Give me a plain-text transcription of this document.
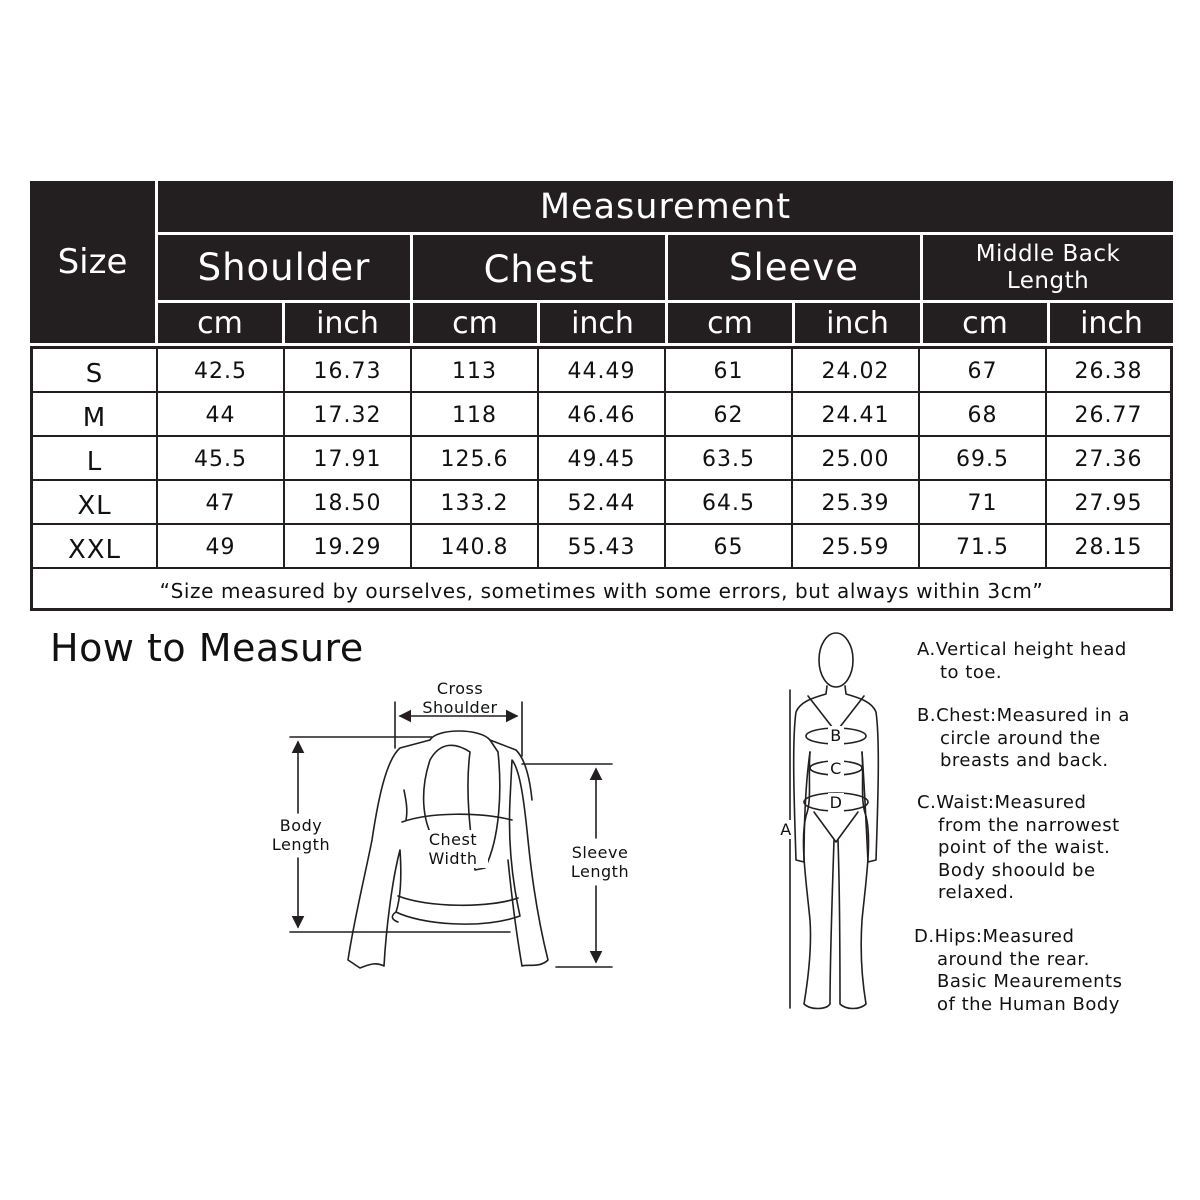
Size
Measurement
Shoulder	Chest	Sleeve	Middle Back
Length
cm	inch	cm	inch	cm	inch	cm	inch
S	42.5	16.73	113	44.49	61	24.02	67	26.38
M	44	17.32	118	46.46	62	24.41	68	26.77
L	45.5	17.91	125.6	49.45	63.5	25.00	69.5	27.36
XL	47	18.50	133.2	52.44	64.5	25.39	71	27.95
XXL	49	19.29	140.8	55.43	65	25.59	71.5	28.15
“Size measured by ourselves, sometimes with some errors, but always within 3cm”
How to Measure
Cross
Shoulder
Body
Length	Chest
Width	Sleeve
Length
A
B
C
D
A.Vertical height head
to toe.
B.Chest:Measured in a
circle around the
breasts and back.
C.Waist:Measured
from the narrowest
point of the waist.
Body shoould be
relaxed.
D.Hips:Measured
around the rear.
Basic Meaurements
of the Human Body
